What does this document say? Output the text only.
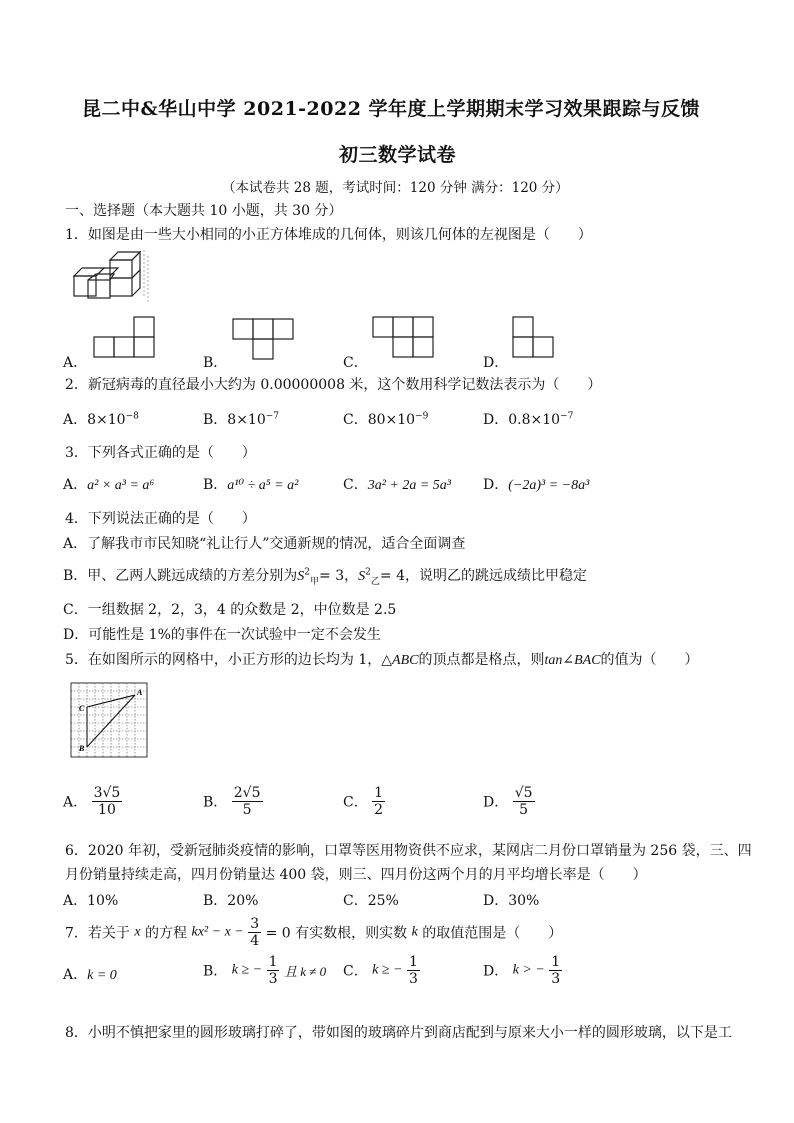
昆二中&华山中学 2021-2022 学年度上学期期末学习效果跟踪与反馈
初三数学试卷
（本试卷共 28 题，考试时间：120 分钟 满分：120 分）
一、选择题（本大题共 10 小题，共 30 分）
1．如图是由一些大小相同的小正方体堆成的几何体，则该几何体的左视图是（　　）
A．	B．	C．	D．
2．新冠病毒的直径最小大约为 0.00000008 米，这个数用科学记数法表示为（　　）
A．$8\times 10^{-8}$	B．$8\times 10^{-7}$	C．$80\times 10^{-9}$	D．$0.8\times 10^{-7}$
3．下列各式正确的是（　　）
A．a² × a³ = a⁶	B．a¹⁰ ÷ a⁵ = a²	C．3a² + 2a = 5a³ D．(−2a)³ = −8a³
4．下列说法正确的是（　　）
A．了解我市市民知晓“礼让行人”交通新规的情况，适合全面调查
B．甲、乙两人跳远成绩的方差分别为$S^2_甲= 3$，$S^2_乙= 4$，说明乙的跳远成绩比甲稳定
C．一组数据 2，2，3，4 的众数是 2，中位数是 2.5
D．可能性是 1%的事件在一次试验中一定不会发生
5．在如图所示的网格中，小正方形的边长均为 1，△ABC的顶点都是格点，则tan∠BAC的值为（　　）
A
C
B
A． $\frac{3√5}{10}$	B． $\frac{2√5}{5}$	C． $\frac{1}{2}$	D． $\frac{√5}{5}$
6．2020 年初，受新冠肺炎疫情的影响，口罩等医用物资供不应求，某网店二月份口罩销量为 256 袋，三、四
月份销量持续走高，四月份销量达 400 袋，则三、四月份这两个月的月平均增长率是（　　）
A．10%	B．20%	C．25%	D．30%
7．若关于 x 的方程 $kx^2 - x - \frac{3}{4} = 0$ 有实数根，则实数 k 的取值范围是（　　）
A．k = 0	B． k ≥ − $\frac{1}{3}$ 且 k ≠ 0 C． k ≥ − $\frac{1}{3}$	D． k > − $\frac{1}{3}$
8．小明不慎把家里的圆形玻璃打碎了，带如图的玻璃碎片到商店配到与原来大小一样的圆形玻璃，以下是工
